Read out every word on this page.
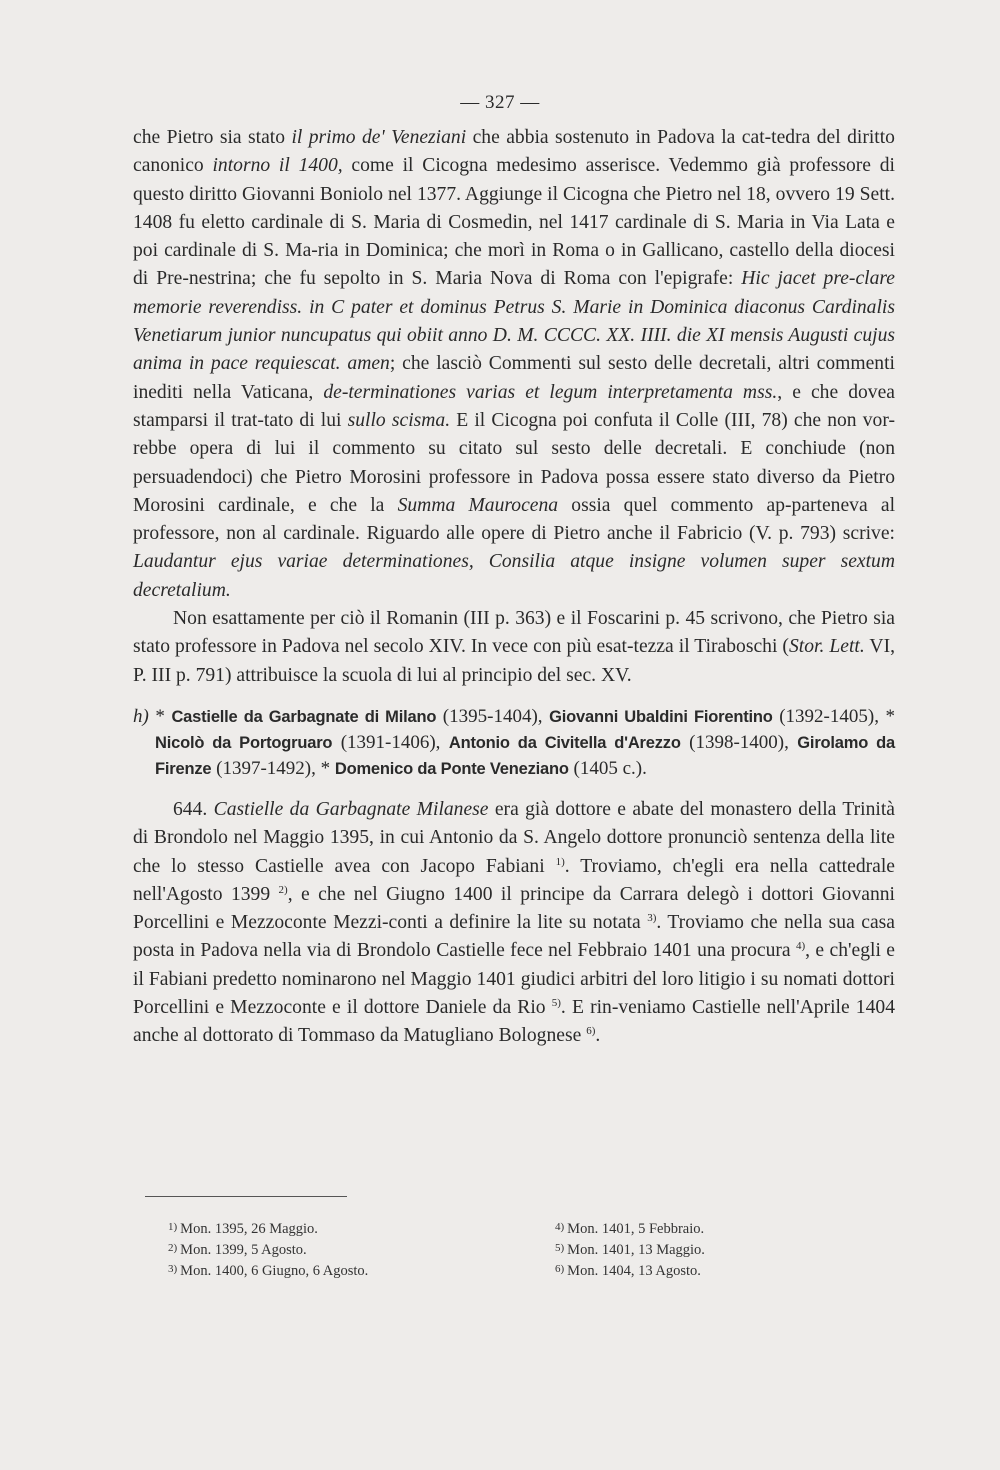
— 327 —

che Pietro sia stato il primo de' Veneziani che abbia sostenuto in Padova la cat-tedra del diritto canonico intorno il 1400, come il Cicogna medesimo asserisce. Vedemmo già professore di questo diritto Giovanni Boniolo nel 1377. Aggiunge il Cicogna che Pietro nel 18, ovvero 19 Sett. 1408 fu eletto cardinale di S. Maria di Cosmedin, nel 1417 cardinale di S. Maria in Via Lata e poi cardinale di S. Ma-ria in Dominica; che morì in Roma o in Gallicano, castello della diocesi di Pre-nestrina; che fu sepolto in S. Maria Nova di Roma con l'epigrafe: Hic jacet pre-clare memorie reverendiss. in C pater et dominus Petrus S. Marie in Dominica diaconus Cardinalis Venetiarum junior nuncupatus qui obiit anno D. M. CCCC. XX. IIII. die XI mensis Augusti cujus anima in pace requiescat. amen; che lasciò Commenti sul sesto delle decretali, altri commenti inediti nella Vaticana, de-terminationes varias et legum interpretamenta mss., e che dovea stamparsi il trat-tato di lui sullo scisma. E il Cicogna poi confuta il Colle (III, 78) che non vor-rebbe opera di lui il commento su citato sul sesto delle decretali. E conchiude (non persuadendoci) che Pietro Morosini professore in Padova possa essere stato diverso da Pietro Morosini cardinale, e che la Summa Maurocena ossia quel commento ap-parteneva al professore, non al cardinale. Riguardo alle opere di Pietro anche il Fabricio (V. p. 793) scrive: Laudantur ejus variae determinationes, Consilia atque insigne volumen super sextum decretalium.

Non esattamente per ciò il Romanin (III p. 363) e il Foscarini p. 45 scrivono, che Pietro sia stato professore in Padova nel secolo XIV. In vece con più esat-tezza il Tiraboschi (Stor. Lett. VI, P. III p. 791) attribuisce la scuola di lui al principio del sec. XV.

h) * Castielle da Garbagnate di Milano (1395-1404), Giovanni Ubaldini Fiorentino (1392-1405), * Nicolò da Portogruaro (1391-1406), Antonio da Civitella d'Arezzo (1398-1400), Girolamo da Firenze (1397-1492), * Domenico da Ponte Veneziano (1405 c.).

644. Castielle da Garbagnate Milanese era già dottore e abate del monastero della Trinità di Brondolo nel Maggio 1395, in cui Antonio da S. Angelo dottore pronunciò sentenza della lite che lo stesso Castielle avea con Jacopo Fabiani $^{1)}$. Troviamo, ch'egli era nella cattedrale nell'Agosto 1399 $^{2)}$, e che nel Giugno 1400 il principe da Carrara delegò i dottori Giovanni Porcellini e Mezzoconte Mezzi-conti a definire la lite su notata $^{3)}$. Troviamo che nella sua casa posta in Padova nella via di Brondolo Castielle fece nel Febbraio 1401 una procura $^{4)}$, e ch'egli e il Fabiani predetto nominarono nel Maggio 1401 giudici arbitri del loro litigio i su nomati dottori Porcellini e Mezzoconte e il dottore Daniele da Rio $^{5)}$. E rin-veniamo Castielle nell'Aprile 1404 anche al dottorato di Tommaso da Matugliano Bolognese $^{6)}$.

$^{1)}$ Mon. 1395, 26 Maggio.
$^{2)}$ Mon. 1399, 5 Agosto.
$^{3)}$ Mon. 1400, 6 Giugno, 6 Agosto.
$^{4)}$ Mon. 1401, 5 Febbraio.
$^{5)}$ Mon. 1401, 13 Maggio.
$^{6)}$ Mon. 1404, 13 Agosto.
